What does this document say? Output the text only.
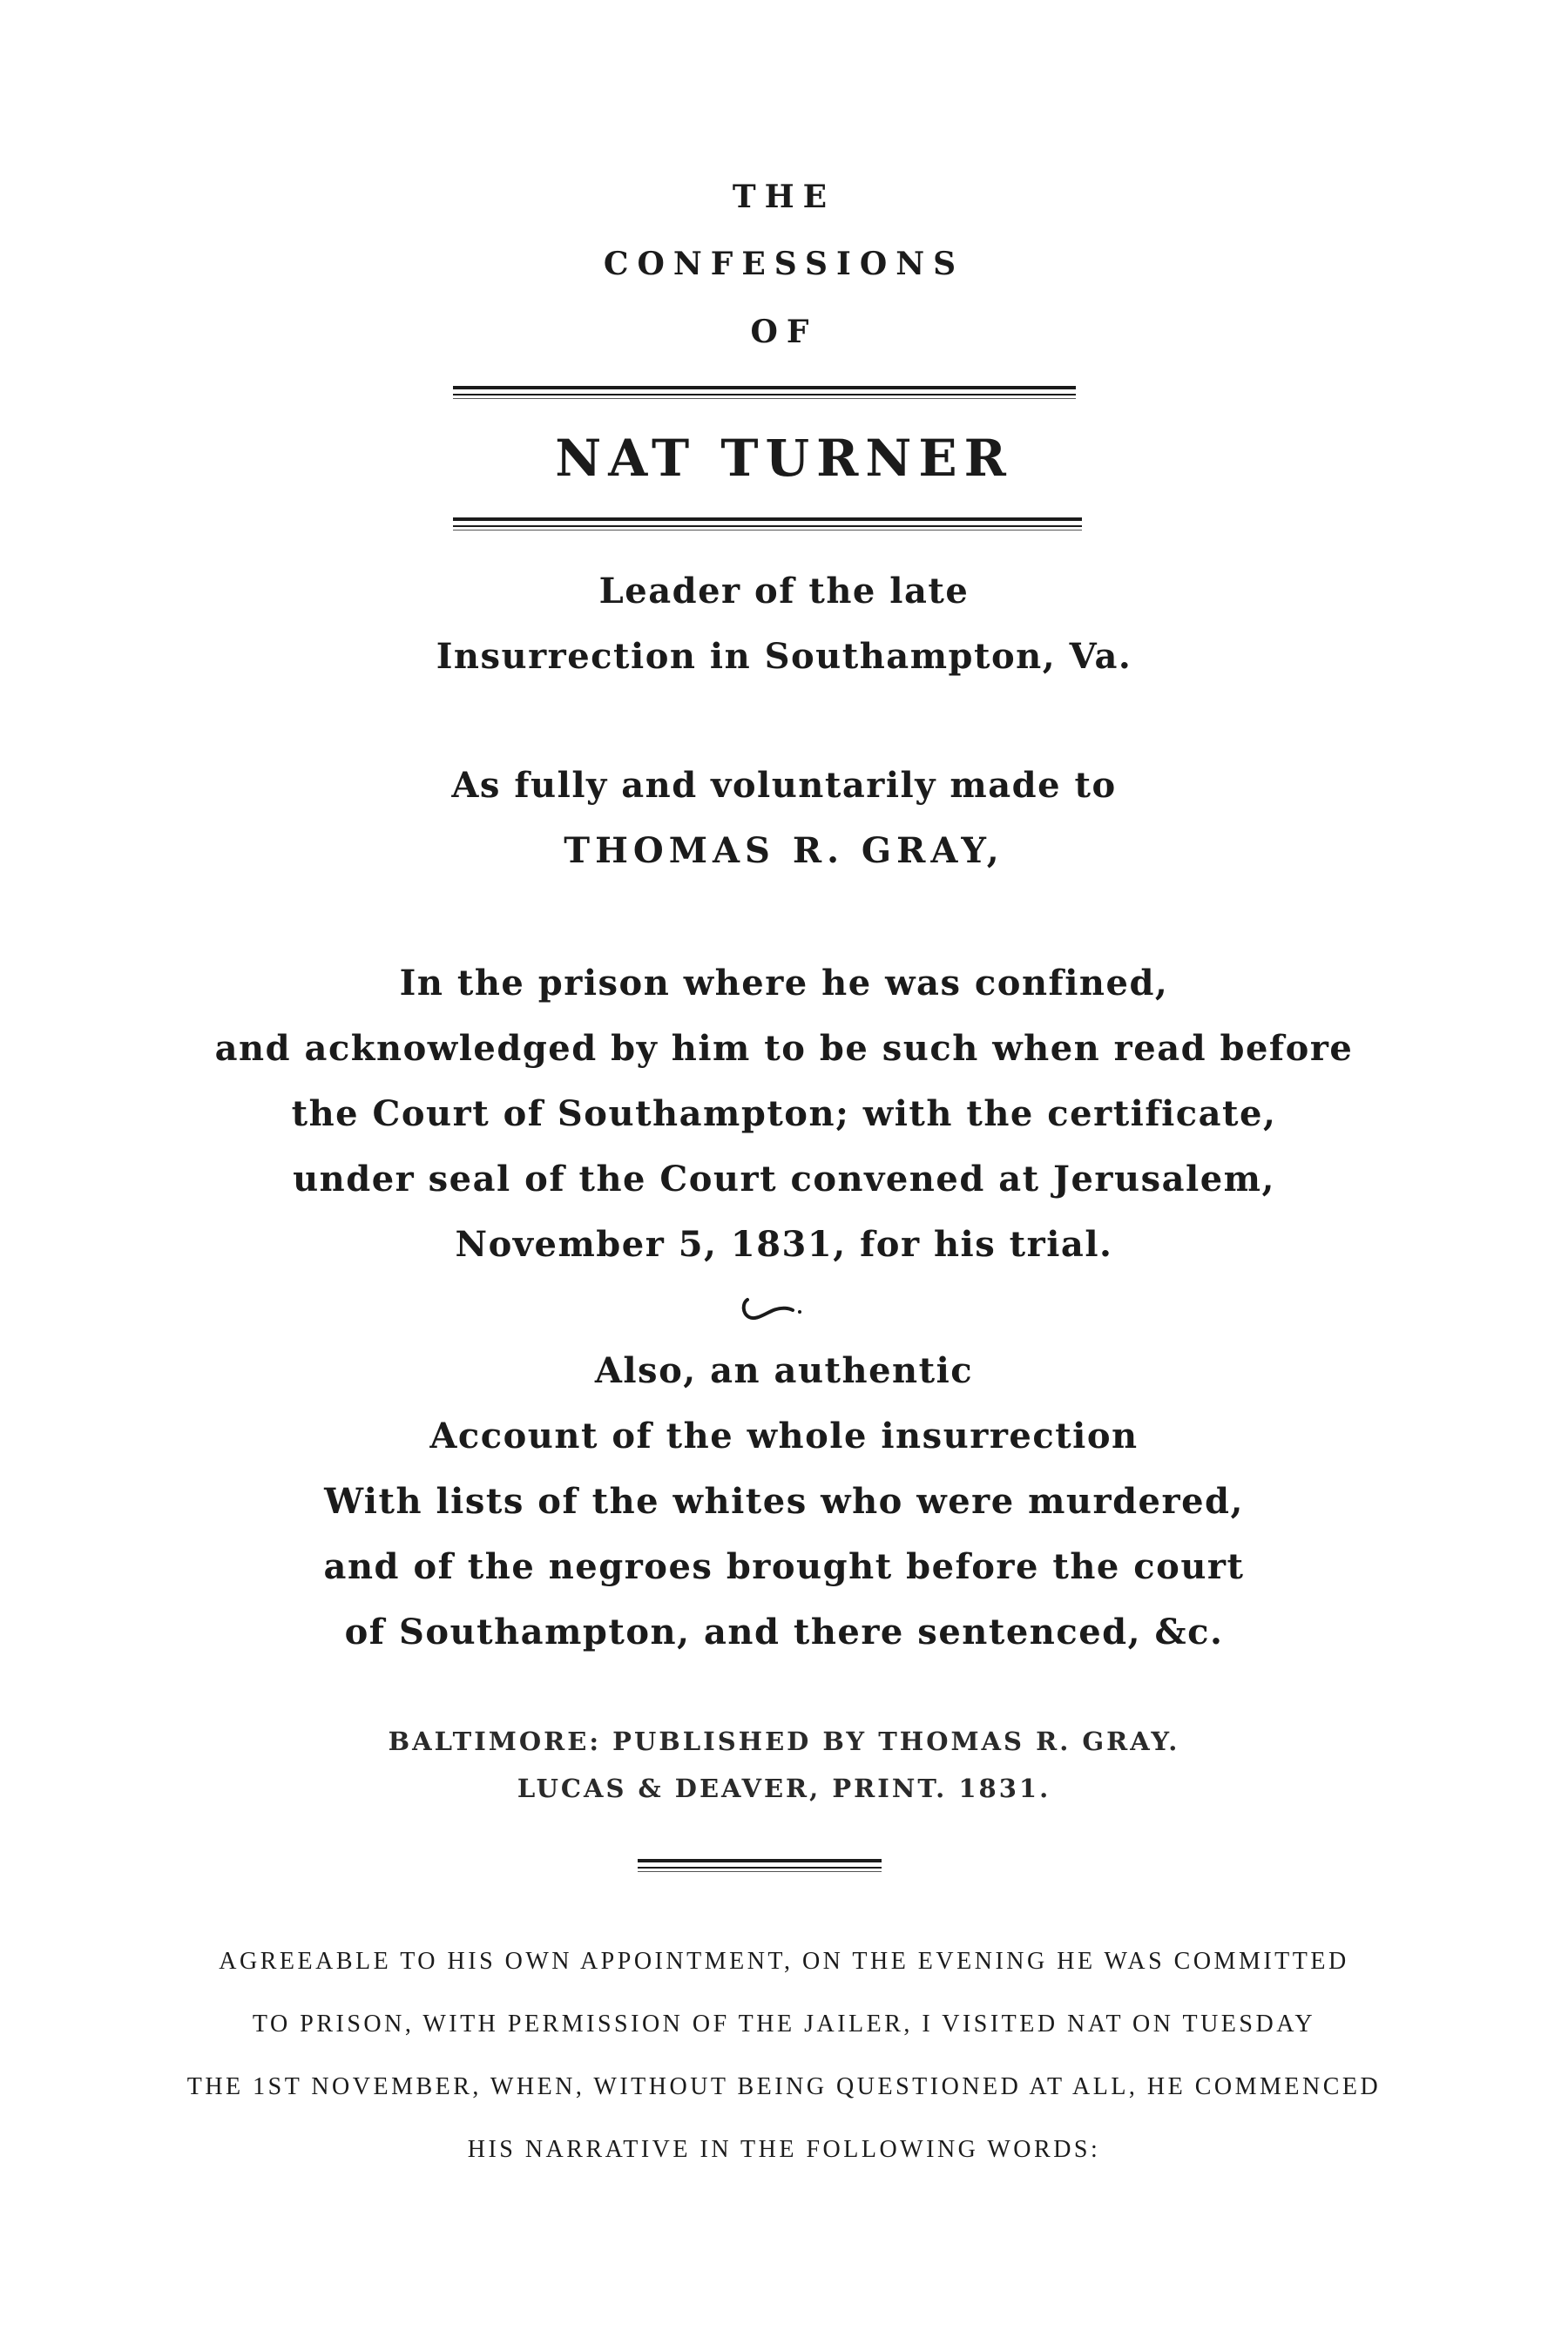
THE
CONFESSIONS
OF
NAT TURNER
Leader of the late
Insurrection in Southampton, Va.
As fully and voluntarily made to
THOMAS R. GRAY,
In the prison where he was confined,
and acknowledged by him to be such when read before
the Court of Southampton; with the certificate,
under seal of the Court convened at Jerusalem,
November 5, 1831, for his trial.
Also, an authentic
Account of the whole insurrection
With lists of the whites who were murdered,
and of the negroes brought before the court
of Southampton, and there sentenced, &c.
BALTIMORE: PUBLISHED BY THOMAS R. GRAY.
LUCAS & DEAVER, PRINT. 1831.
AGREEABLE TO HIS OWN APPOINTMENT, ON THE EVENING HE WAS COMMITTED
TO PRISON, WITH PERMISSION OF THE JAILER, I VISITED NAT ON TUESDAY
THE 1ST NOVEMBER, WHEN, WITHOUT BEING QUESTIONED AT ALL, HE COMMENCED
HIS NARRATIVE IN THE FOLLOWING WORDS:
